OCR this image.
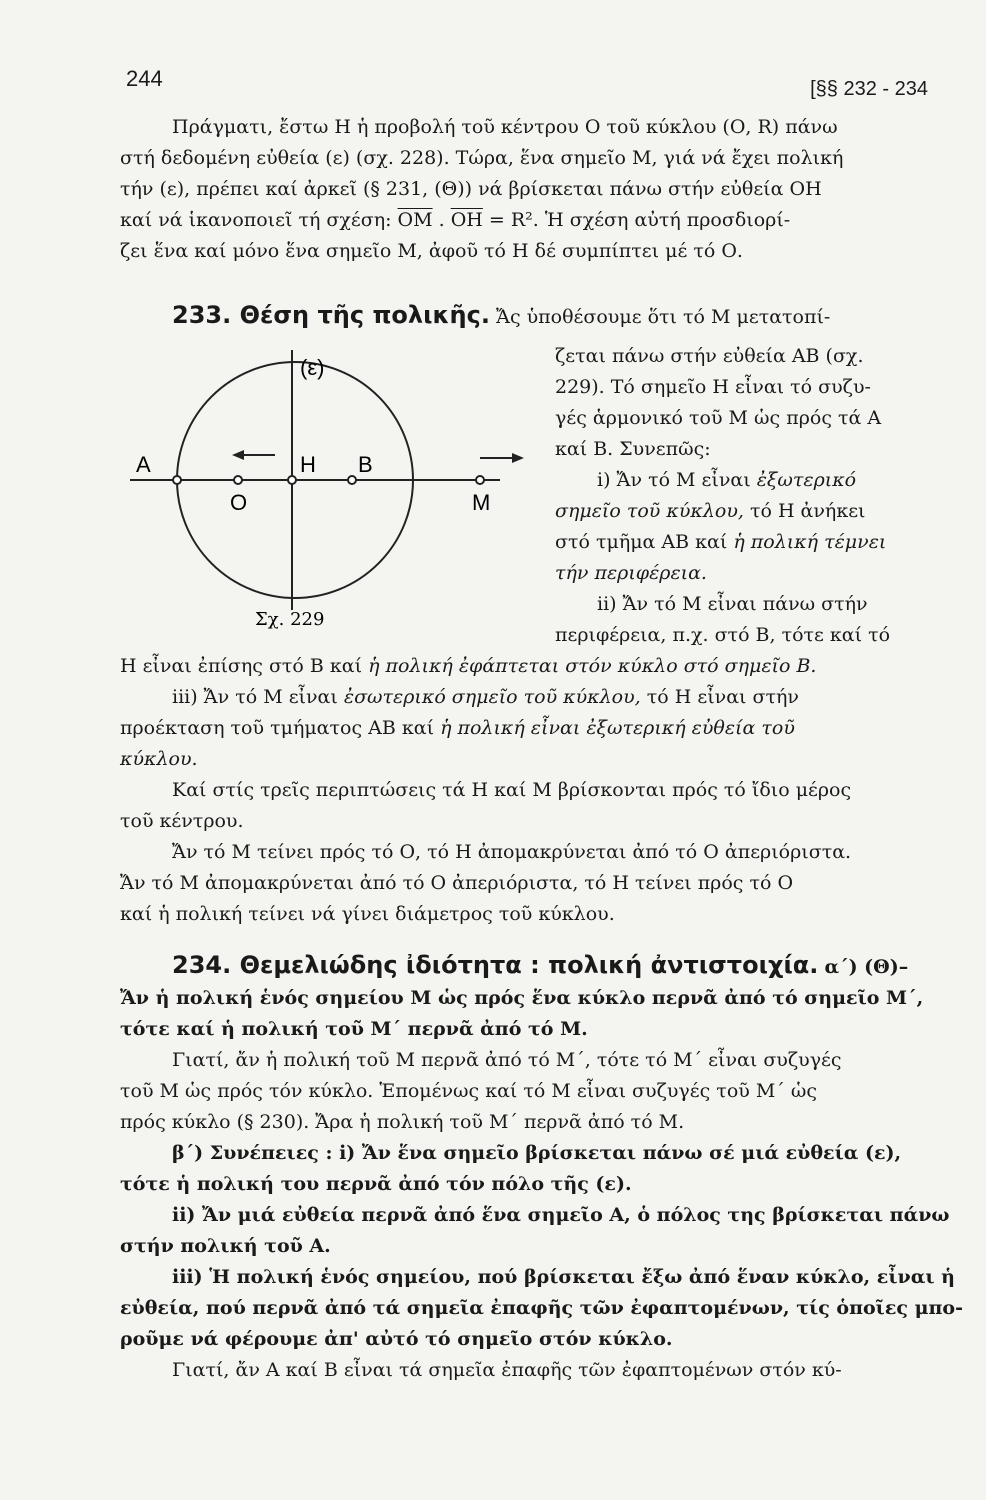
244	[§§ 232 - 234
Πράγματι, ἔστω Η ἡ προβολή τοῦ κέντρου Ο τοῦ κύκλου (Ο, R) πάνω
στή δεδομένη εὐθεία (ε) (σχ. 228). Τώρα, ἕνα σημεῖο Μ, γιά νά ἔχει πολική
τήν (ε), πρέπει καί ἀρκεῖ (§ 231, (Θ)) νά βρίσκεται πάνω στήν εὐθεία ΟΗ
καί νά ἱκανοποιεῖ τή σχέση: $\overline{OM}$ . $\overline{OH} = R^2$. Ἡ σχέση αὐτή προσδιορί-
ζει ἕνα καί μόνο ἕνα σημεῖο Μ, ἀφοῦ τό Η δέ συμπίπτει μέ τό Ο.
233. Θέση τῆς πολικῆς. Ἄς ὑποθέσουμε ὅτι τό Μ μετατοπί-
ζεται πάνω στήν εὐθεία ΑΒ (σχ.
229). Τό σημεῖο Η εἶναι τό συζυ-
γές ἁρμονικό τοῦ Μ ὡς πρός τά Α
καί Β. Συνεπῶς:
i) Ἄν τό Μ εἶναι ἐξωτερικό
σημεῖο τοῦ κύκλου, τό Η ἀνήκει
στό τμῆμα ΑΒ καί ἡ πολική τέμνει
τήν περιφέρεια.
ii) Ἄν τό Μ εἶναι πάνω στήν
περιφέρεια, π.χ. στό Β, τότε καί τό
(ε)
Α
Ο
Η Β
Μ
Σχ. 229
Η εἶναι ἐπίσης στό Β καί ἡ πολική ἐφάπτεται στόν κύκλο στό σημεῖο Β.
iii) Ἄν τό Μ εἶναι ἐσωτερικό σημεῖο τοῦ κύκλου, τό Η εἶναι στήν
προέκταση τοῦ τμήματος ΑΒ καί ἡ πολική εἶναι ἐξωτερική εὐθεία τοῦ
κύκλου.
Καί στίς τρεῖς περιπτώσεις τά Η καί Μ βρίσκονται πρός τό ἴδιο μέρος
τοῦ κέντρου.
Ἄν τό Μ τείνει πρός τό Ο, τό Η ἀπομακρύνεται ἀπό τό Ο ἀπεριόριστα.
Ἄν τό Μ ἀπομακρύνεται ἀπό τό Ο ἀπεριόριστα, τό Η τείνει πρός τό Ο
καί ἡ πολική τείνει νά γίνει διάμετρος τοῦ κύκλου.
234. Θεμελιώδης ἰδιότητα : πολική ἀντιστοιχία. α΄) (Θ)–
Ἄν ἡ πολική ἑνός σημείου Μ ὡς πρός ἕνα κύκλο περνᾶ ἀπό τό σημεῖο Μ΄,
τότε καί ἡ πολική τοῦ Μ΄ περνᾶ ἀπό τό Μ.
Γιατί, ἄν ἡ πολική τοῦ Μ περνᾶ ἀπό τό Μ΄, τότε τό Μ΄ εἶναι συζυγές
τοῦ Μ ὡς πρός τόν κύκλο. Ἑπομένως καί τό Μ εἶναι συζυγές τοῦ Μ΄ ὡς
πρός κύκλο (§ 230). Ἄρα ἡ πολική τοῦ Μ΄ περνᾶ ἀπό τό Μ.
β΄) Συνέπειες : i) Ἄν ἕνα σημεῖο βρίσκεται πάνω σέ μιά εὐθεία (ε),
τότε ἡ πολική του περνᾶ ἀπό τόν πόλο τῆς (ε).
ii) Ἄν μιά εὐθεία περνᾶ ἀπό ἕνα σημεῖο Α, ὁ πόλος της βρίσκεται πάνω
στήν πολική τοῦ Α.
iii) Ἡ πολική ἑνός σημείου, πού βρίσκεται ἔξω ἀπό ἕναν κύκλο, εἶναι ἡ
εὐθεία, πού περνᾶ ἀπό τά σημεῖα ἐπαφῆς τῶν ἐφαπτομένων, τίς ὁποῖες μπο-
ροῦμε νά φέρουμε ἀπ' αὐτό τό σημεῖο στόν κύκλο.
Γιατί, ἄν Α καί Β εἶναι τά σημεῖα ἐπαφῆς τῶν ἐφαπτομένων στόν κύ-
